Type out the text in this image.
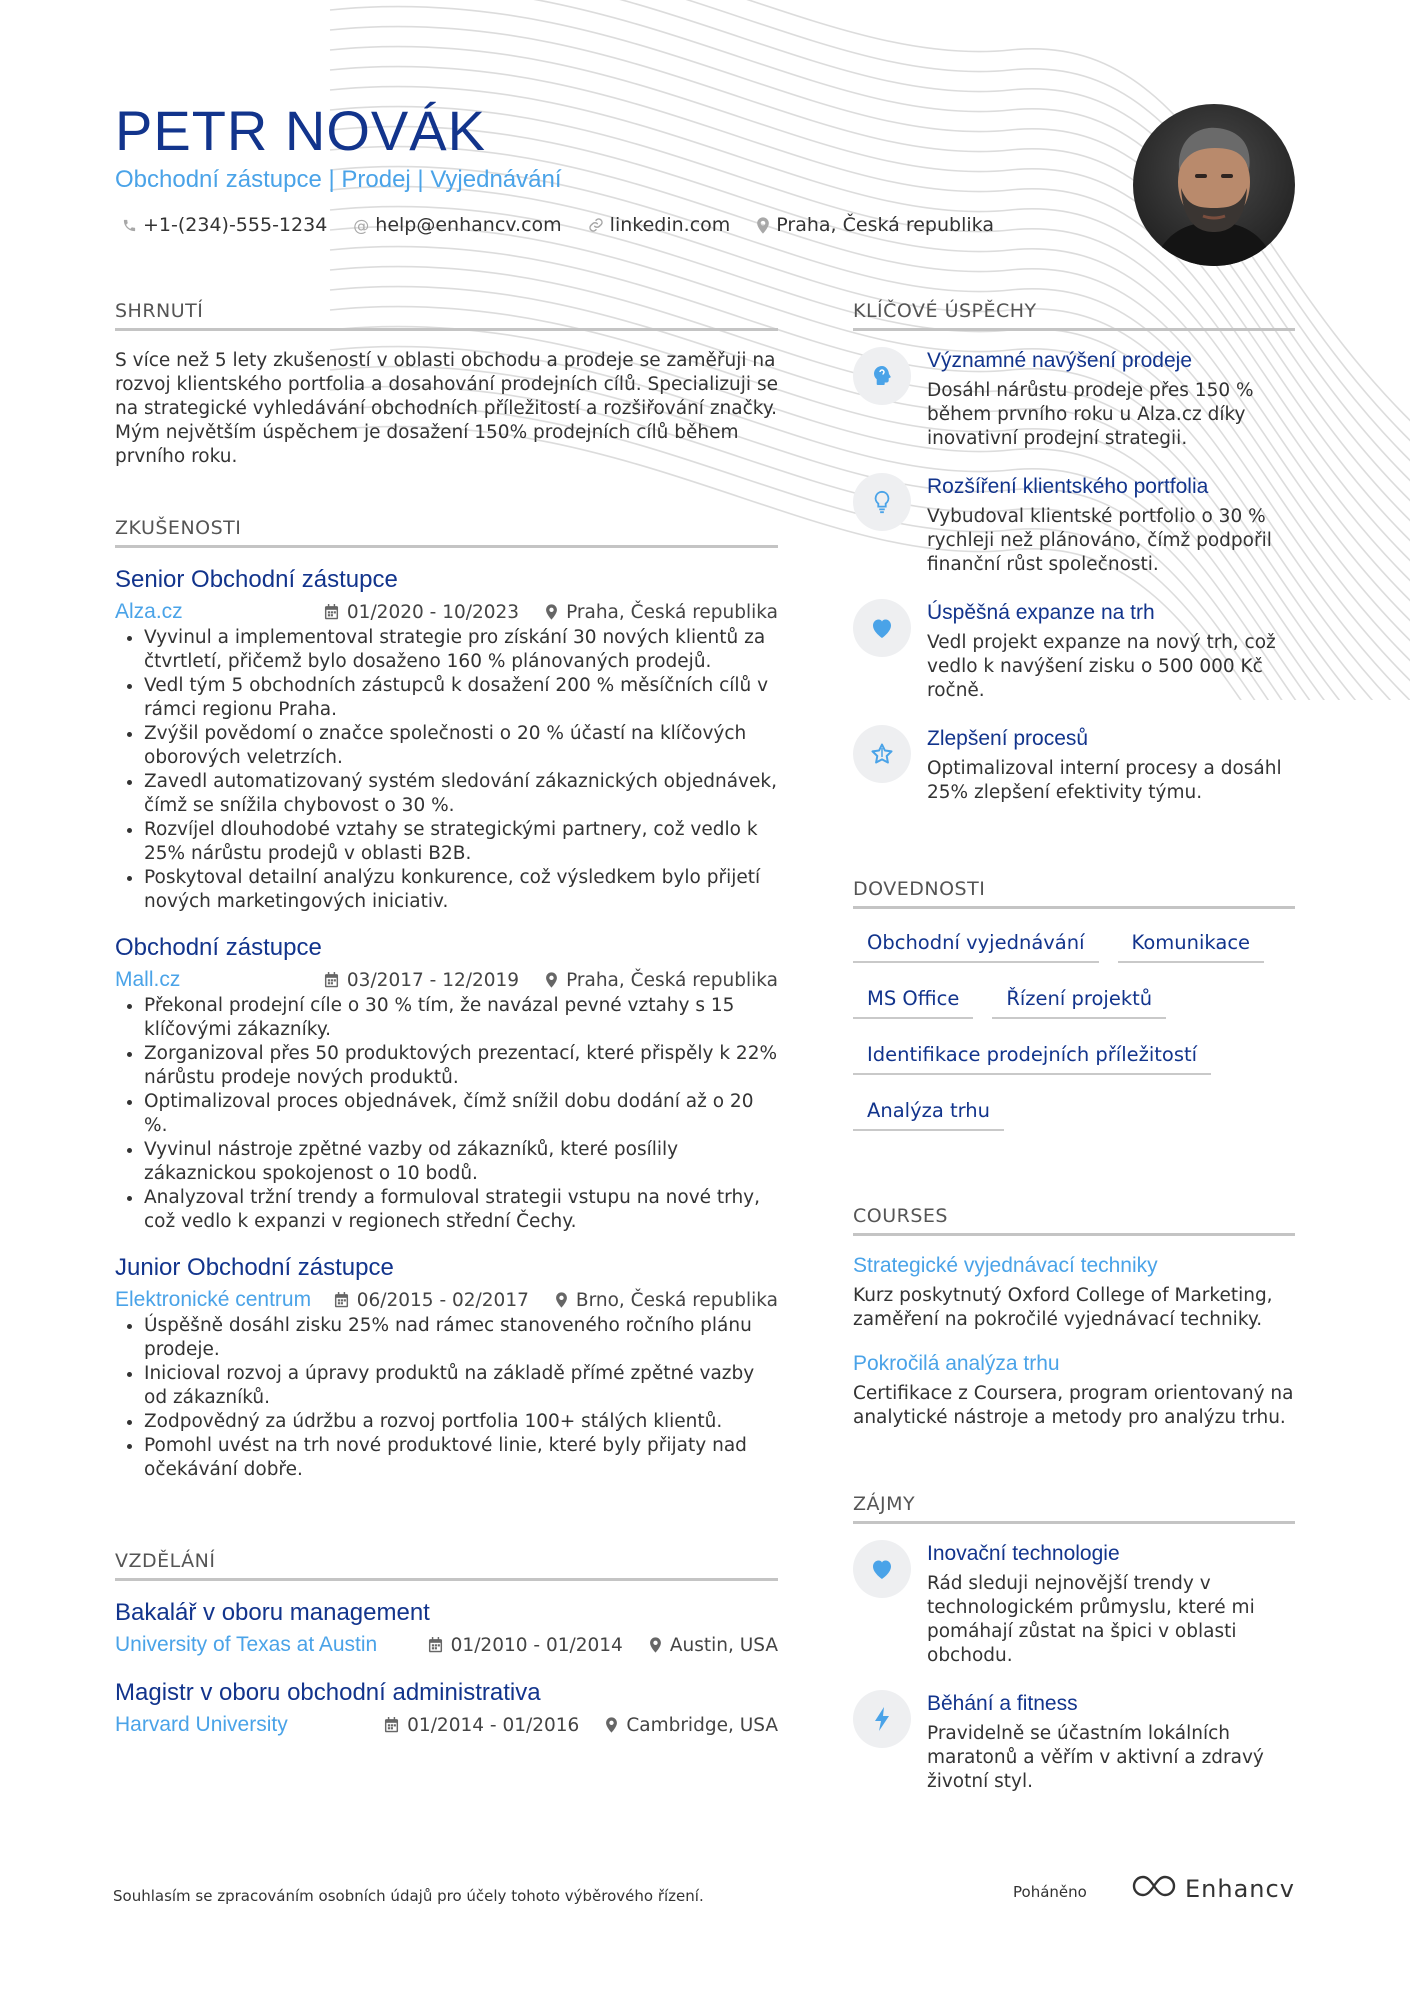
PETR NOVÁK
Obchodní zástupce | Prodej | Vyjednávání
+1-(234)-555-1234 @ help@enhancv.com	linkedin.com Praha, Česká republika
SHRNUTÍ

S více než 5 lety zkušeností v oblasti obchodu a prodeje se zaměřuji na rozvoj klientského portfolia a dosahování prodejních cílů. Specializuji se na strategické vyhledávání obchodních příležitostí a rozšiřování značky. Mým největším úspěchem je dosažení 150% prodejních cílů během prvního roku.

ZKUŠENOSTI
Senior Obchodní zástupce
Alza.cz	01/2020 - 10/2023	Praha, Česká republika
• Vyvinul a implementoval strategie pro získání 30 nových klientů za čtvrtletí, přičemž bylo dosaženo 160 % plánovaných prodejů.
• Vedl tým 5 obchodních zástupců k dosažení 200 % měsíčních cílů v rámci regionu Praha.
• Zvýšil povědomí o značce společnosti o 20 % účastí na klíčových oborových veletrzích.
• Zavedl automatizovaný systém sledování zákaznických objednávek, čímž se snížila chybovost o 30 %.
• Rozvíjel dlouhodobé vztahy se strategickými partnery, což vedlo k 25% nárůstu prodejů v oblasti B2B.
• Poskytoval detailní analýzu konkurence, což výsledkem bylo přijetí nových marketingových iniciativ.
Obchodní zástupce
Mall.cz	03/2017 - 12/2019	Praha, Česká republika
• Překonal prodejní cíle o 30 % tím, že navázal pevné vztahy s 15 klíčovými zákazníky.
• Zorganizoval přes 50 produktových prezentací, které přispěly k 22% nárůstu prodeje nových produktů.
• Optimalizoval proces objednávek, čímž snížil dobu dodání až o 20 %.
• Vyvinul nástroje zpětné vazby od zákazníků, které posílily zákaznickou spokojenost o 10 bodů.
• Analyzoval tržní trendy a formuloval strategii vstupu na nové trhy, což vedlo k expanzi v regionech střední Čechy.
Junior Obchodní zástupce
Elektronické centrum 06/2015 - 02/2017	Brno, Česká republika
• Úspěšně dosáhl zisku 25% nad rámec stanoveného ročního plánu prodeje.
• Inicioval rozvoj a úpravy produktů na základě přímé zpětné vazby od zákazníků.
• Zodpovědný za údržbu a rozvoj portfolia 100+ stálých klientů.
• Pomohl uvést na trh nové produktové linie, které byly přijaty nad očekávání dobře.
VZDĚLÁNÍ
Bakalář v oboru management
University of Texas at Austin	01/2010 - 01/2014	Austin, USA
Magistr v oboru obchodní administrativa
Harvard University	01/2014 - 01/2016	Cambridge, USA
KLÍČOVÉ ÚSPĚCHY
Významné navýšení prodeje
Dosáhl nárůstu prodeje přes 150 % během prvního roku u Alza.cz díky inovativní prodejní strategii.
Rozšíření klientského portfolia
Vybudoval klientské portfolio o 30 % rychleji než plánováno, čímž podpořil finanční růst společnosti.
Úspěšná expanze na trh
Vedl projekt expanze na nový trh, což vedlo k navýšení zisku o 500 000 Kč ročně.
Zlepšení procesů
Optimalizoval interní procesy a dosáhl 25% zlepšení efektivity týmu.
DOVEDNOSTI
Obchodní vyjednávání	Komunikace
MS Office	Řízení projektů
Identifikace prodejních příležitostí
Analýza trhu
COURSES
Strategické vyjednávací techniky
Kurz poskytnutý Oxford College of Marketing, zaměření na pokročilé vyjednávací techniky.
Pokročilá analýza trhu
Certifikace z Coursera, program orientovaný na analytické nástroje a metody pro analýzu trhu.
ZÁJMY
Inovační technologie
Rád sleduji nejnovější trendy v technologickém průmyslu, které mi pomáhají zůstat na špici v oblasti obchodu.
Běhání a fitness
Pravidelně se účastním lokálních maratonů a věřím v aktivní a zdravý životní styl.
Souhlasím se zpracováním osobních údajů pro účely tohoto výběrového řízení.	Poháněno	Enhancv
